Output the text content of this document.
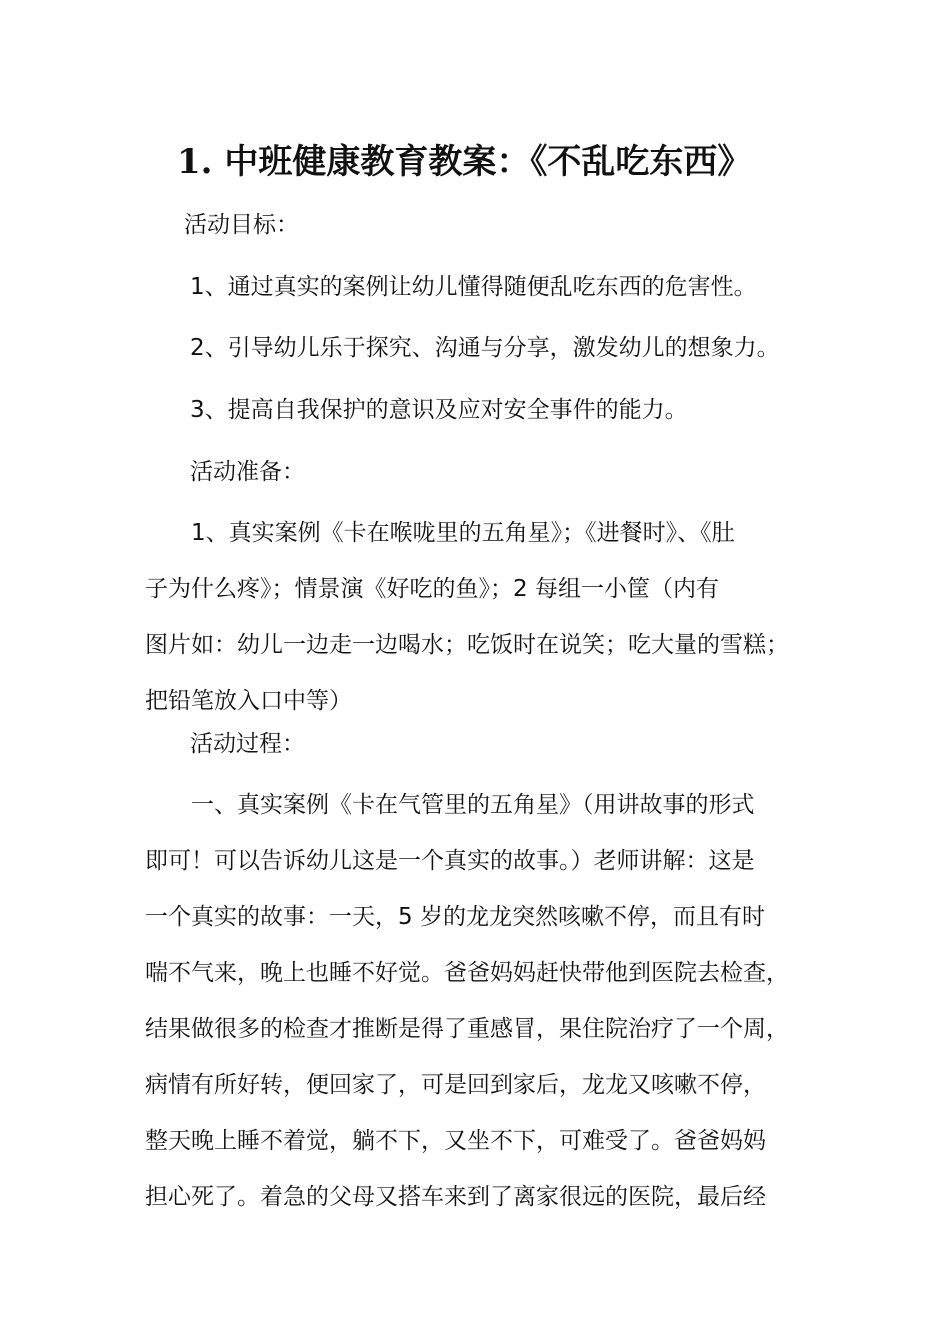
1. 中班健康教育教案：《不乱吃东西》
活动目标：
1、通过真实的案例让幼儿懂得随便乱吃东西的危害性。
2、引导幼儿乐于探究、沟通与分享，激发幼儿的想象力。
3、提高自我保护的意识及应对安全事件的能力。
活动准备：
1、真实案例《卡在喉咙里的五角星》；《进餐时》、《肚
子为什么疼》；情景演《好吃的鱼》；2 每组一小筐（内有
图片如：幼儿一边走一边喝水；吃饭时在说笑；吃大量的雪糕；
把铅笔放入口中等）
活动过程：
一、真实案例《卡在气管里的五角星》（用讲故事的形式
即可！可以告诉幼儿这是一个真实的故事。）老师讲解：这是
一个真实的故事：一天，5 岁的龙龙突然咳嗽不停，而且有时
喘不气来，晚上也睡不好觉。爸爸妈妈赶快带他到医院去检查，
结果做很多的检查才推断是得了重感冒，果住院治疗了一个周，
病情有所好转，便回家了，可是回到家后，龙龙又咳嗽不停，
整天晚上睡不着觉，躺不下，又坐不下，可难受了。爸爸妈妈
担心死了。着急的父母又搭车来到了离家很远的医院，最后经
